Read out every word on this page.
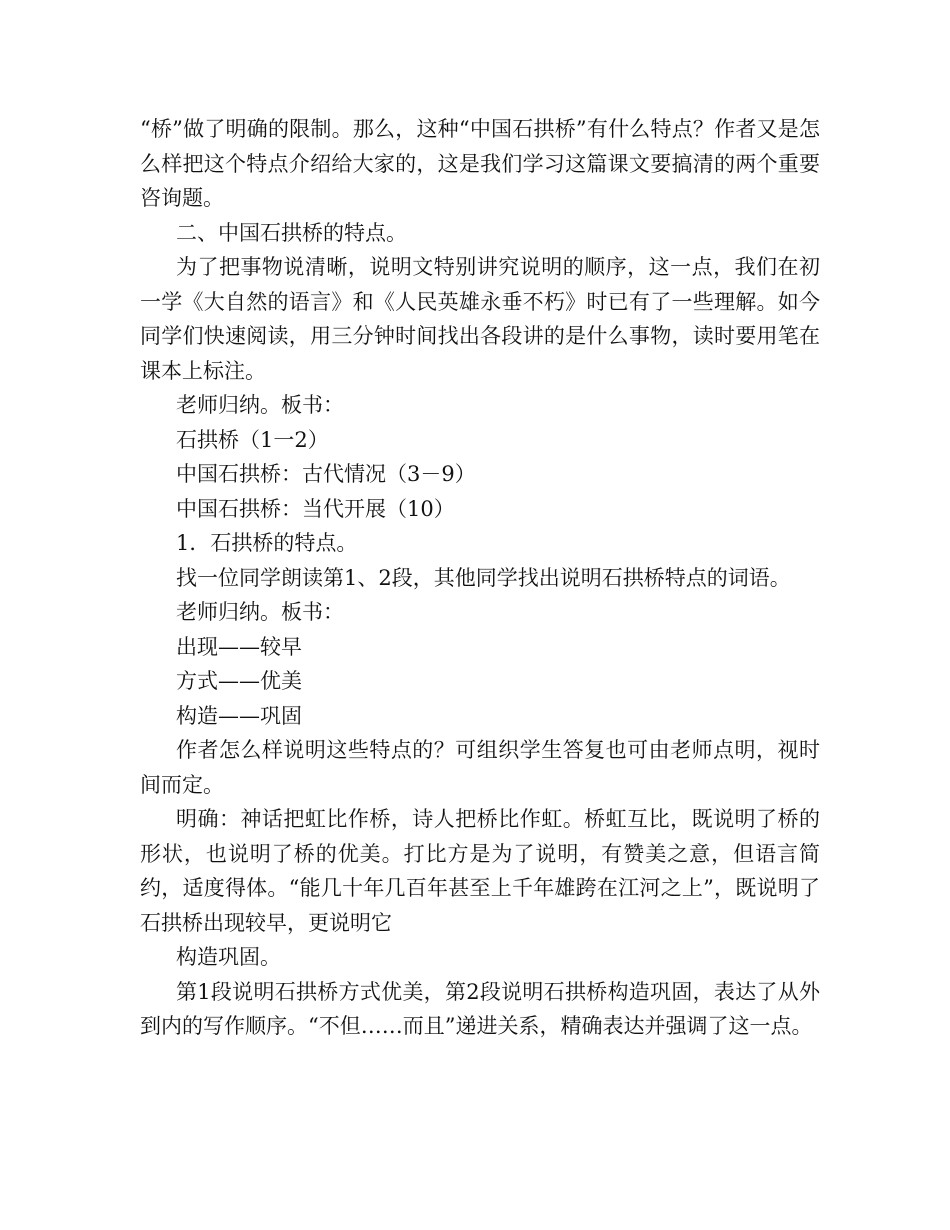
“桥”做了明确的限制。那么，这种“中国石拱桥”有什么特点？作者又是怎么样把这个特点介绍给大家的，这是我们学习这篇课文要搞清的两个重要咨询题。

二、中国石拱桥的特点。

为了把事物说清晰，说明文特别讲究说明的顺序，这一点，我们在初一学《大自然的语言》和《人民英雄永垂不朽》时已有了一些理解。如今同学们快速阅读，用三分钟时间找出各段讲的是什么事物，读时要用笔在课本上标注。

老师归纳。板书：

石拱桥（1一2）

中国石拱桥：古代情况（3－9）

中国石拱桥：当代开展（10）

1．石拱桥的特点。

找一位同学朗读第1、2段，其他同学找出说明石拱桥特点的词语。

老师归纳。板书：

出现——较早

方式——优美

构造——巩固

作者怎么样说明这些特点的？可组织学生答复也可由老师点明，视时间而定。

明确：神话把虹比作桥，诗人把桥比作虹。桥虹互比，既说明了桥的形状，也说明了桥的优美。打比方是为了说明，有赞美之意，但语言简约，适度得体。“能几十年几百年甚至上千年雄跨在江河之上”，既说明了石拱桥出现较早，更说明它

构造巩固。

第1段说明石拱桥方式优美，第2段说明石拱桥构造巩固，表达了从外到内的写作顺序。“不但……而且”递进关系，精确表达并强调了这一点。
